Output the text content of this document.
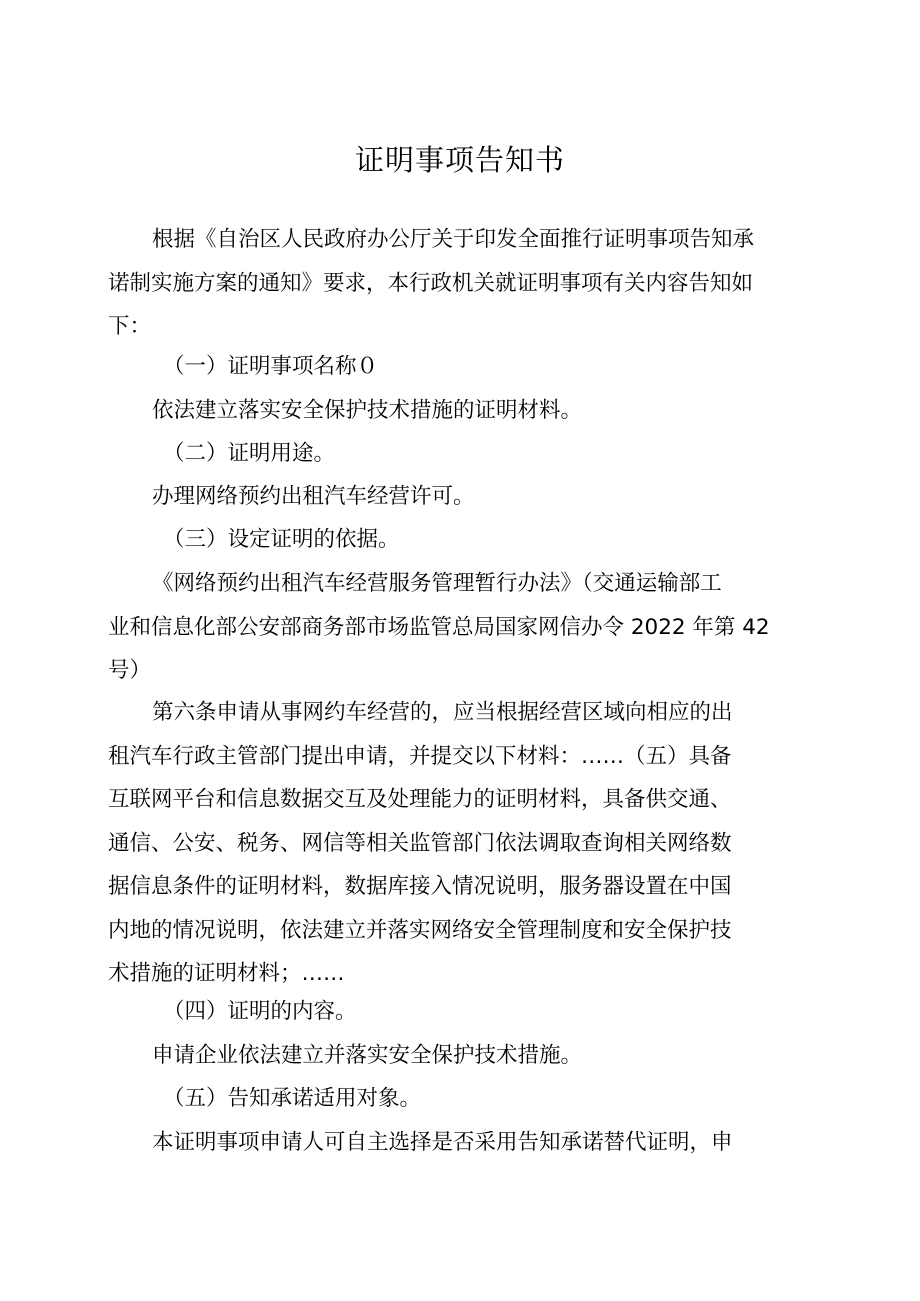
证明事项告知书
根据《自治区人民政府办公厅关于印发全面推行证明事项告知承
诺制实施方案的通知》要求，本行政机关就证明事项有关内容告知如
下：
（一）证明事项名称０
依法建立落实安全保护技术措施的证明材料。
（二）证明用途。
办理网络预约出租汽车经营许可。
（三）设定证明的依据。
《网络预约出租汽车经营服务管理暂行办法》（交通运输部工
业和信息化部公安部商务部市场监管总局国家网信办令 2022 年第 42
号）
第六条申请从事网约车经营的，应当根据经营区域向相应的出
租汽车行政主管部门提出申请，并提交以下材料：……（五）具备
互联网平台和信息数据交互及处理能力的证明材料，具备供交通、
通信、公安、税务、网信等相关监管部门依法调取查询相关网络数
据信息条件的证明材料，数据库接入情况说明，服务器设置在中国
内地的情况说明，依法建立并落实网络安全管理制度和安全保护技
术措施的证明材料；……
（四）证明的内容。
申请企业依法建立并落实安全保护技术措施。
（五）告知承诺适用对象。
本证明事项申请人可自主选择是否采用告知承诺替代证明，申
